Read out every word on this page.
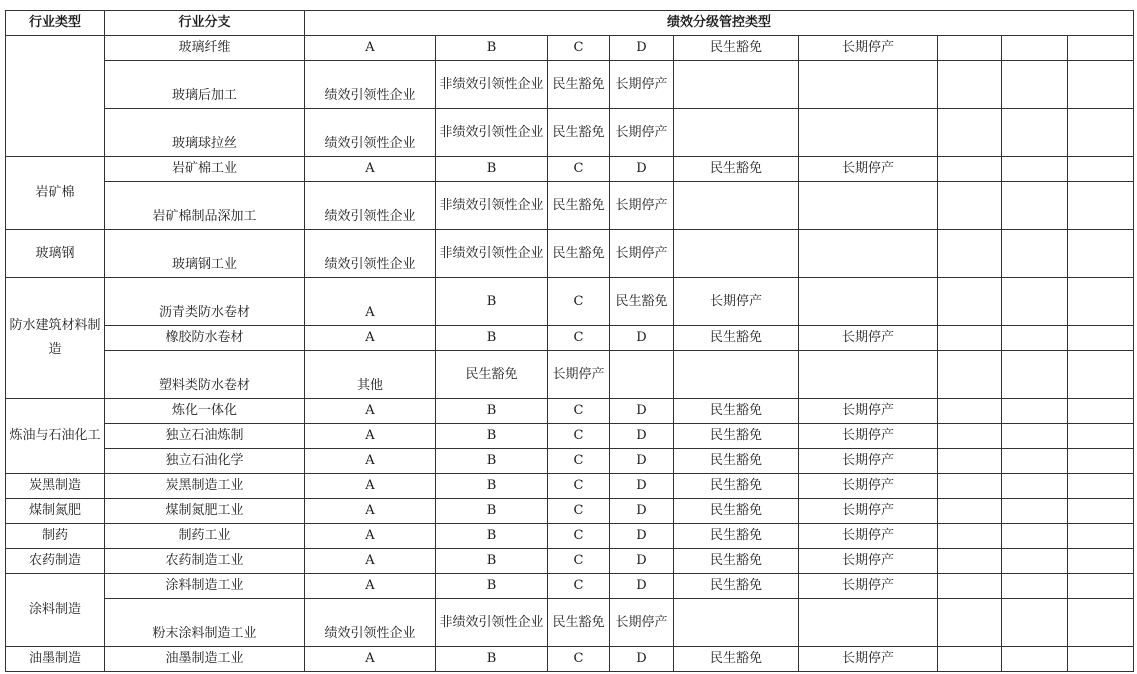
行业类型	行业分支	绩效分级管控类型								
	玻璃纤维	A	B	C	D	民生豁免	长期停产			
	玻璃后加工	绩效引领性企业	非绩效引领性企业	民生豁免	长期停产					
	玻璃球拉丝	绩效引领性企业	非绩效引领性企业	民生豁免	长期停产					
岩矿棉	岩矿棉工业	A	B	C	D	民生豁免	长期停产			
	岩矿棉制品深加工	绩效引领性企业	非绩效引领性企业	民生豁免	长期停产					
玻璃钢	玻璃钢工业	绩效引领性企业	非绩效引领性企业	民生豁免	长期停产					
防水建筑材料制造	沥青类防水卷材	A	B	C	民生豁免	长期停产				
	橡胶防水卷材	A	B	C	D	民生豁免	长期停产			
	塑料类防水卷材	其他	民生豁免	长期停产						
炼油与石油化工	炼化一体化	A	B	C	D	民生豁免	长期停产			
	独立石油炼制	A	B	C	D	民生豁免	长期停产			
	独立石油化学	A	B	C	D	民生豁免	长期停产			
炭黑制造	炭黑制造工业	A	B	C	D	民生豁免	长期停产			
煤制氮肥	煤制氮肥工业	A	B	C	D	民生豁免	长期停产			
制药	制药工业	A	B	C	D	民生豁免	长期停产			
农药制造	农药制造工业	A	B	C	D	民生豁免	长期停产			
涂料制造	涂料制造工业	A	B	C	D	民生豁免	长期停产			
	粉末涂料制造工业	绩效引领性企业	非绩效引领性企业	民生豁免	长期停产					
油墨制造	油墨制造工业	A	B	C	D	民生豁免	长期停产			
